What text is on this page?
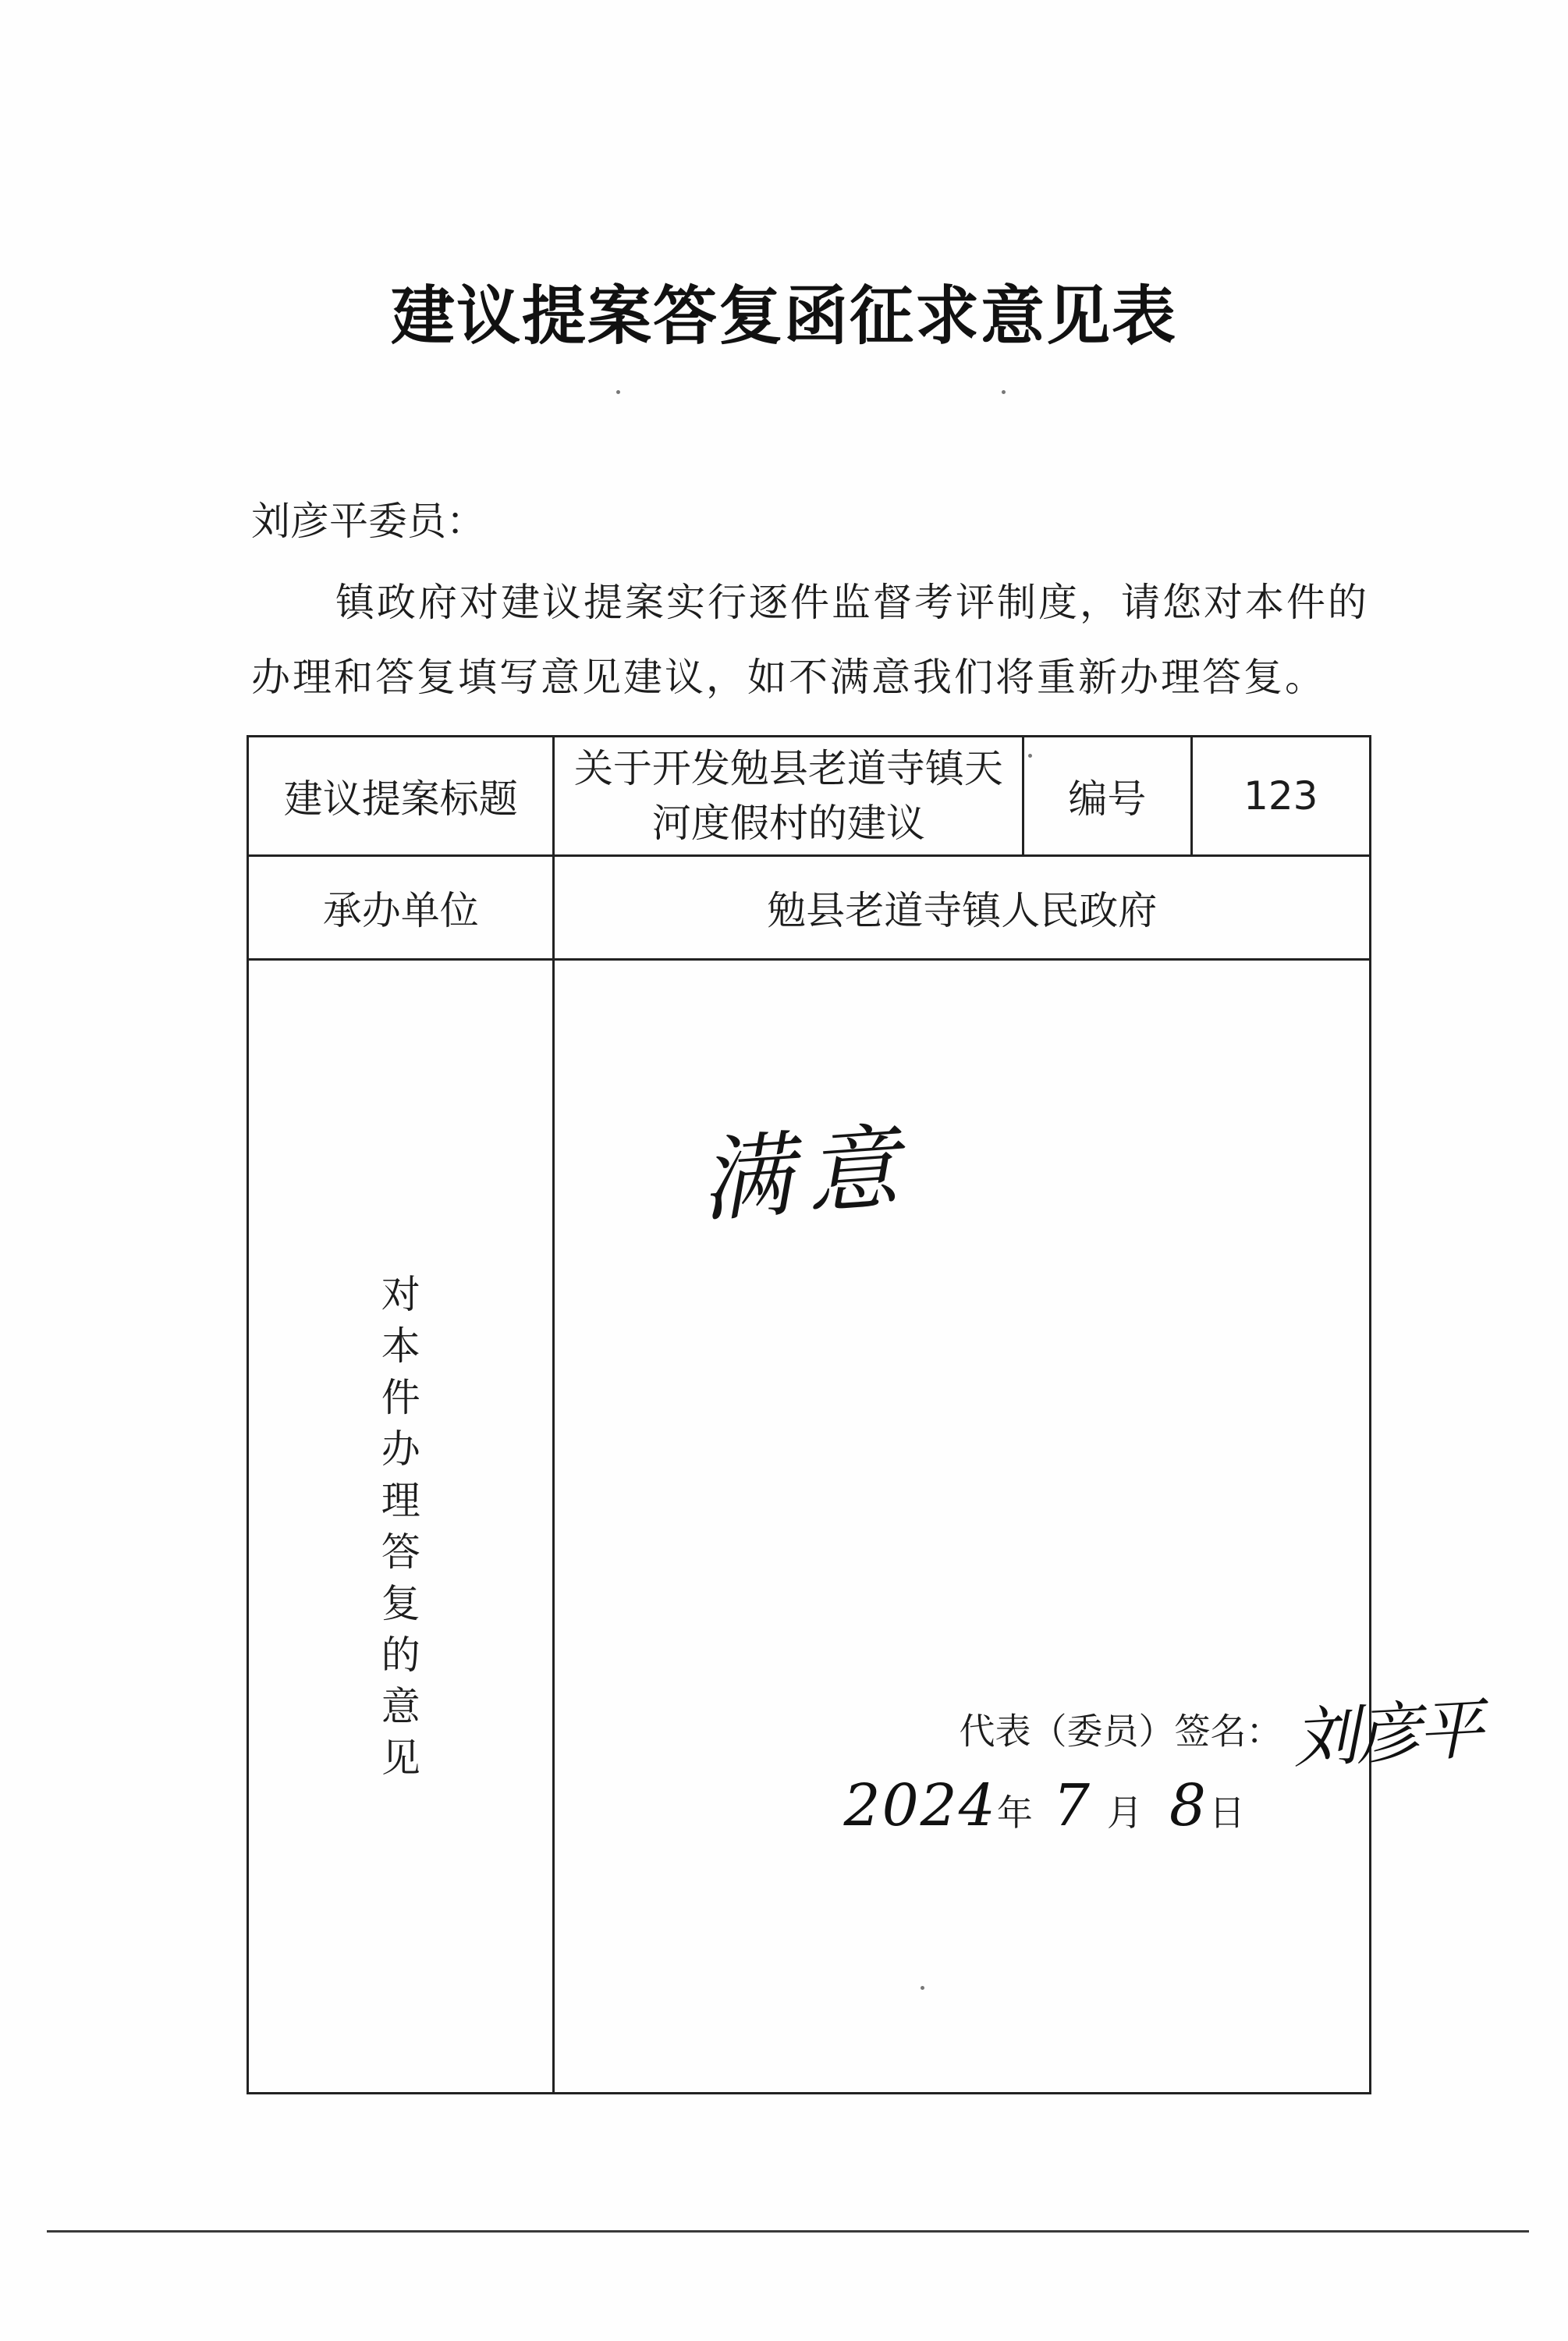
建议提案答复函征求意见表
刘彦平委员：
镇政府对建议提案实行逐件监督考评制度，请您对本件的办理和答复填写意见建议，如不满意我们将重新办理答复。
建议提案标题	关于开发勉县老道寺镇天河度假村的建议	编号	123
承办单位	勉县老道寺镇人民政府		
对本件办理答复的意见	满意
代表（委员）签名： 刘彦平
2024年 7 月 8日		
